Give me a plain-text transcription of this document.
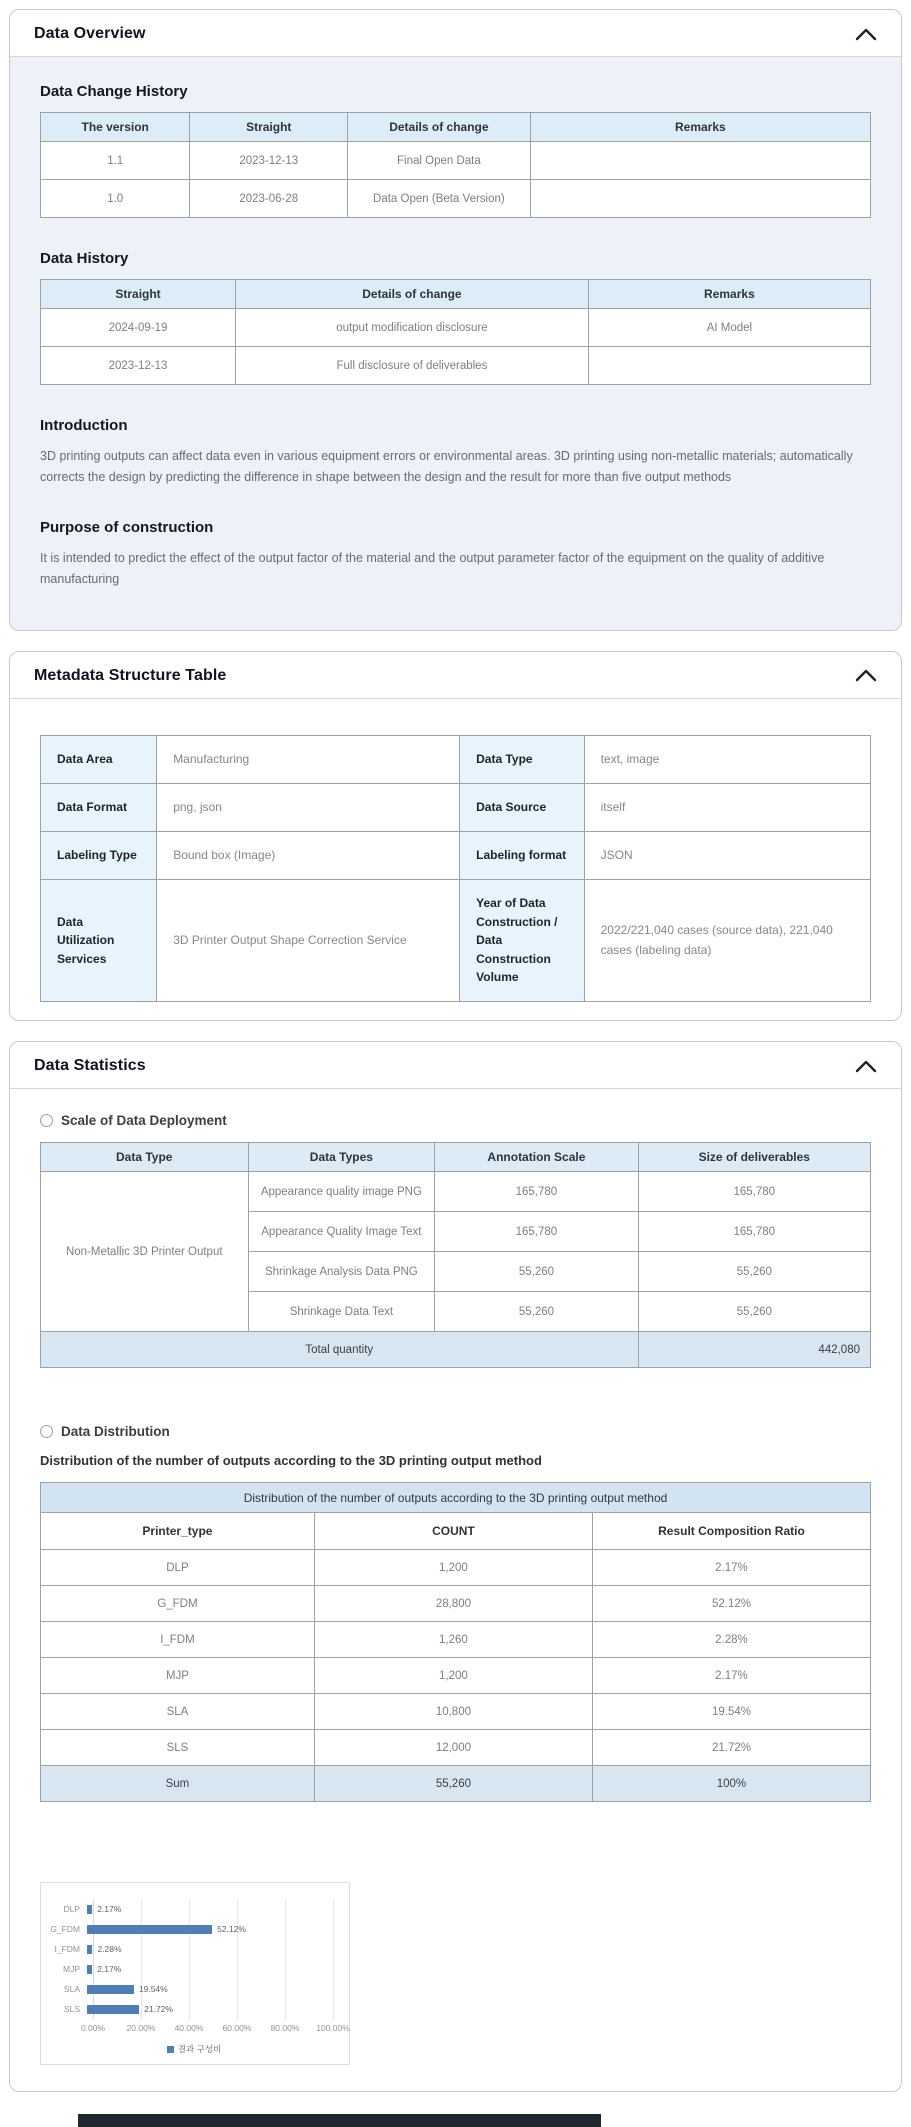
Data Overview
Data Change History
The version	Straight	Details of change	Remarks
1.1	2023-12-13	Final Open Data	
1.0	2023-06-28	Data Open (Beta Version)	
Data History
Straight	Details of change	Remarks
2024-09-19	output modification disclosure	AI Model
2023-12-13	Full disclosure of deliverables	
Introduction

3D printing outputs can affect data even in various equipment errors or environmental areas. 3D printing using non-metallic materials; automatically corrects the design by predicting the difference in shape between the design and the result for more than five output methods

Purpose of construction

It is intended to predict the effect of the output factor of the material and the output parameter factor of the equipment on the quality of additive manufacturing

Metadata Structure Table
Data Area	Manufacturing	Data Type	text, image
Data Format	png, json	Data Source	itself
Labeling Type	Bound box (Image)	Labeling format	JSON
Data Utilization Services	3D Printer Output Shape Correction Service	Year of Data Construction / Data Construction Volume	2022/221,040 cases (source data), 221,040 cases (labeling data)
Data Statistics
Scale of Data Deployment
Data Type	Data Types	Annotation Scale	Size of deliverables
Non-Metallic 3D Printer Output	Appearance quality image PNG	165,780	165,780
	Appearance Quality Image Text	165,780	165,780
	Shrinkage Analysis Data PNG	55,260	55,260
	Shrinkage Data Text	55,260	55,260
Total quantity			442,080
Data Distribution

Distribution of the number of outputs according to the 3D printing output method

Distribution of the number of outputs according to the 3D printing output method		
Printer_type	COUNT	Result Composition Ratio
DLP	1,200	2.17%
G_FDM	28,800	52.12%
I_FDM	1,260	2.28%
MJP	1,200	2.17%
SLA	10,800	19.54%
SLS	12,000	21.72%
Sum	55,260	100%
DLP	2.17%
G_FDM	52.12%
I_FDM	2.28%
MJP	2.17%
SLA	19.54%
SLS	21.72%
0.00%	20.00% 40.00% 60.00% 80.00% 100.00%
결과 구성비
